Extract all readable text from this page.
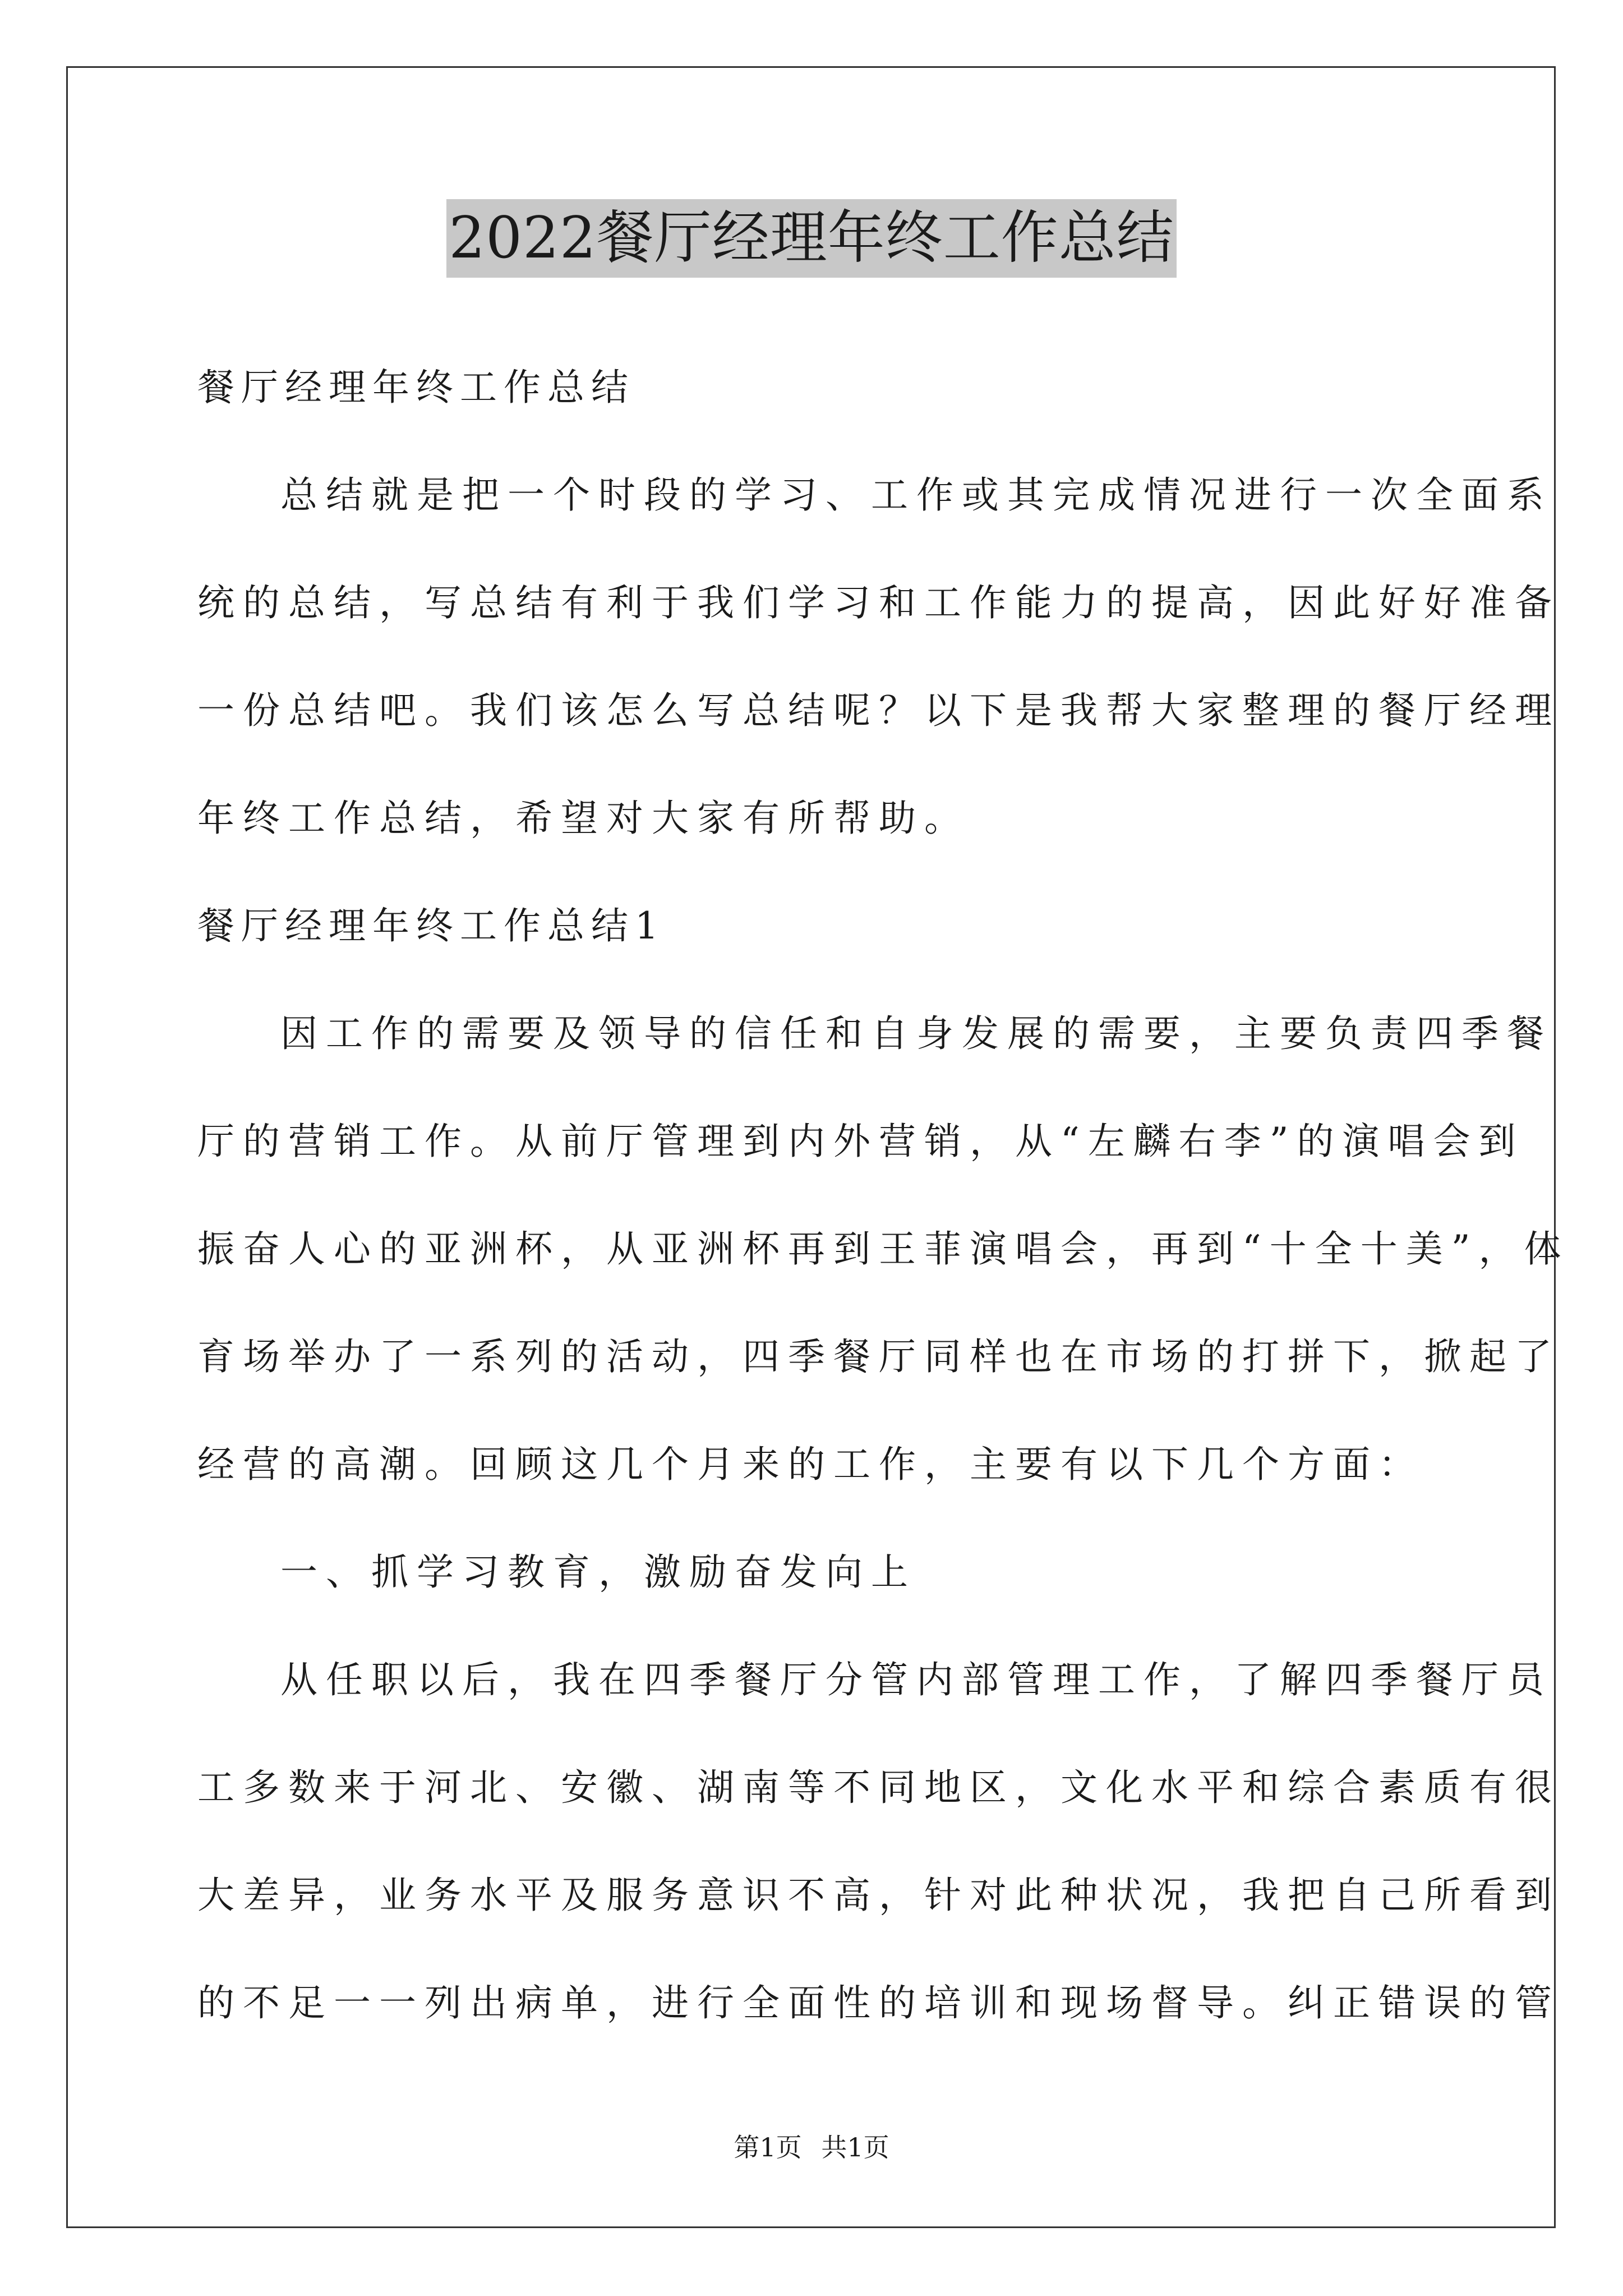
2022餐厅经理年终工作总结
餐厅经理年终工作总结
总结就是把一个时段的学习、工作或其完成情况进行一次全面系
统的总结，写总结有利于我们学习和工作能力的提高，因此好好准备
一份总结吧。我们该怎么写总结呢？以下是我帮大家整理的餐厅经理
年终工作总结，希望对大家有所帮助。
餐厅经理年终工作总结1
因工作的需要及领导的信任和自身发展的需要，主要负责四季餐
厅的营销工作。从前厅管理到内外营销，从“左麟右李”的演唱会到
振奋人心的亚洲杯，从亚洲杯再到王菲演唱会，再到“十全十美”，体
育场举办了一系列的活动，四季餐厅同样也在市场的打拼下，掀起了
经营的高潮。回顾这几个月来的工作，主要有以下几个方面：
一、抓学习教育，激励奋发向上
从任职以后，我在四季餐厅分管内部管理工作，了解四季餐厅员
工多数来于河北、安徽、湖南等不同地区，文化水平和综合素质有很
大差异，业务水平及服务意识不高，针对此种状况，我把自己所看到
的不足一一列出病单，进行全面性的培训和现场督导。纠正错误的管
第1页 共1页
